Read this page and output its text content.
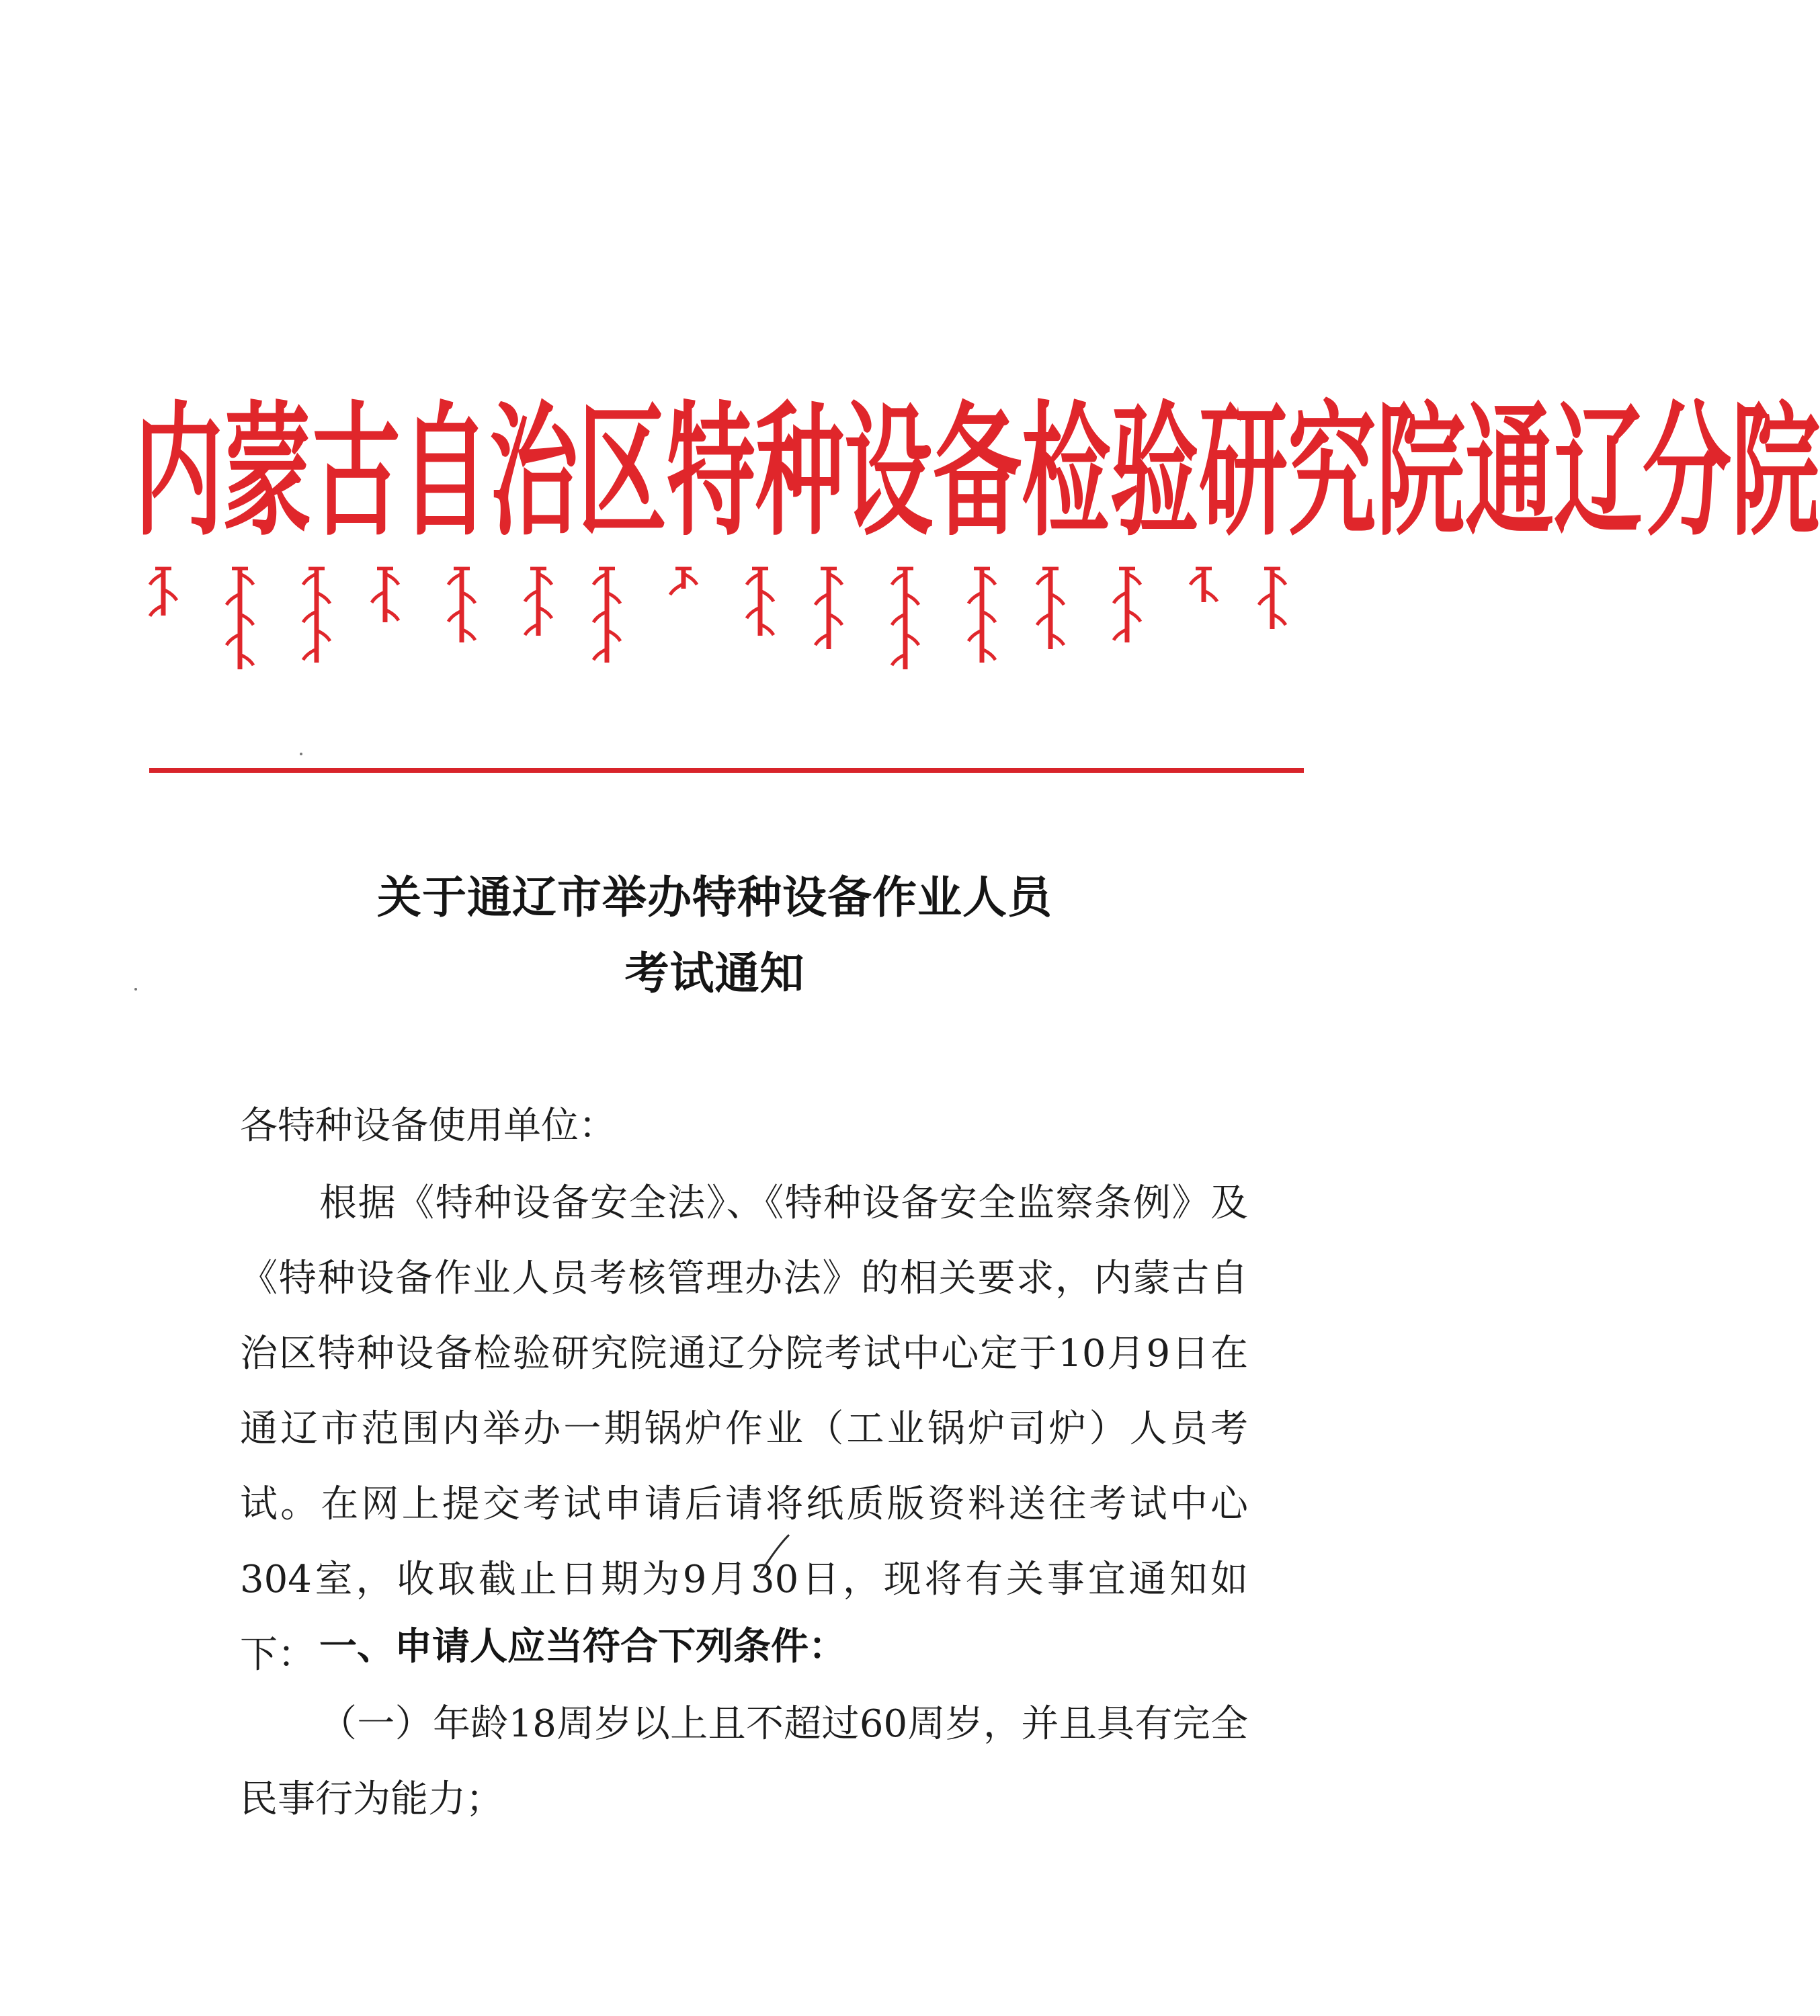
内 蒙 古 自 治 区 特 种 设 备 检 验 研 究 院 通 辽 分 院
关于通辽市举办特种设备作业人员
考试通知
各特种设备使用单位：
根据《特种设备安全法》、《特种设备安全监察条例》及《特种设备作业人员考核管理办法》的相关要求，内蒙古自治区特种设备检验研究院通辽分院考试中心定于10月9日在通辽市范围内举办一期锅炉作业（工业锅炉司炉）人员考试。在网上提交考试申请后请将纸质版资料送往考试中心304室，收取截止日期为9月30日，现将有关事宜通知如下： 一、申请人应当符合下列条件：
（一）年龄18周岁以上且不超过60周岁，并且具有完全民事行为能力；
